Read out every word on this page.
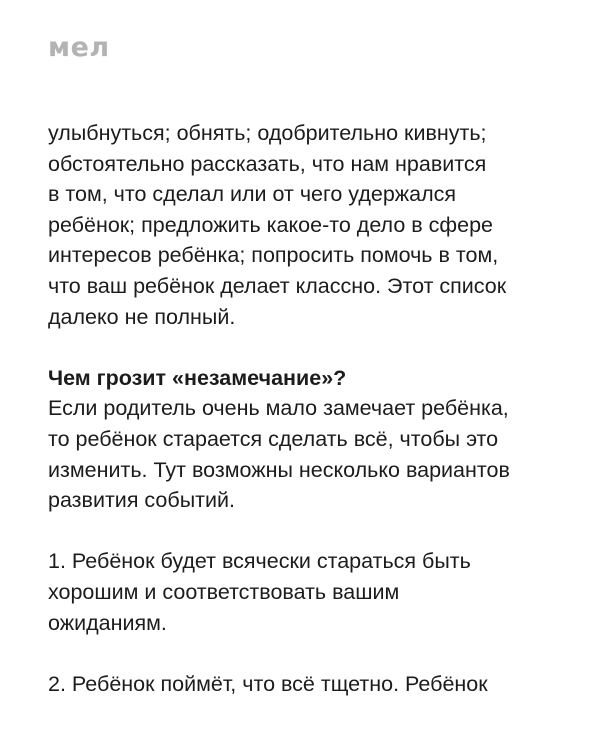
мел

улыбнуться; обнять; одобрительно кивнуть;
обстоятельно рассказать, что нам нравится
в том, что сделал или от чего удержался
ребёнок; предложить какое-то дело в сфере
интересов ребёнка; попросить помочь в том,
что ваш ребёнок делает классно. Этот список
далеко не полный.

Чем грозит «незамечание»?
Если родитель очень мало замечает ребёнка,
то ребёнок старается сделать всё, чтобы это
изменить. Тут возможны несколько вариантов
развития событий.

1. Ребёнок будет всячески стараться быть
хорошим и соответствовать вашим
ожиданиям.

2. Ребёнок поймёт, что всё тщетно. Ребёнок
